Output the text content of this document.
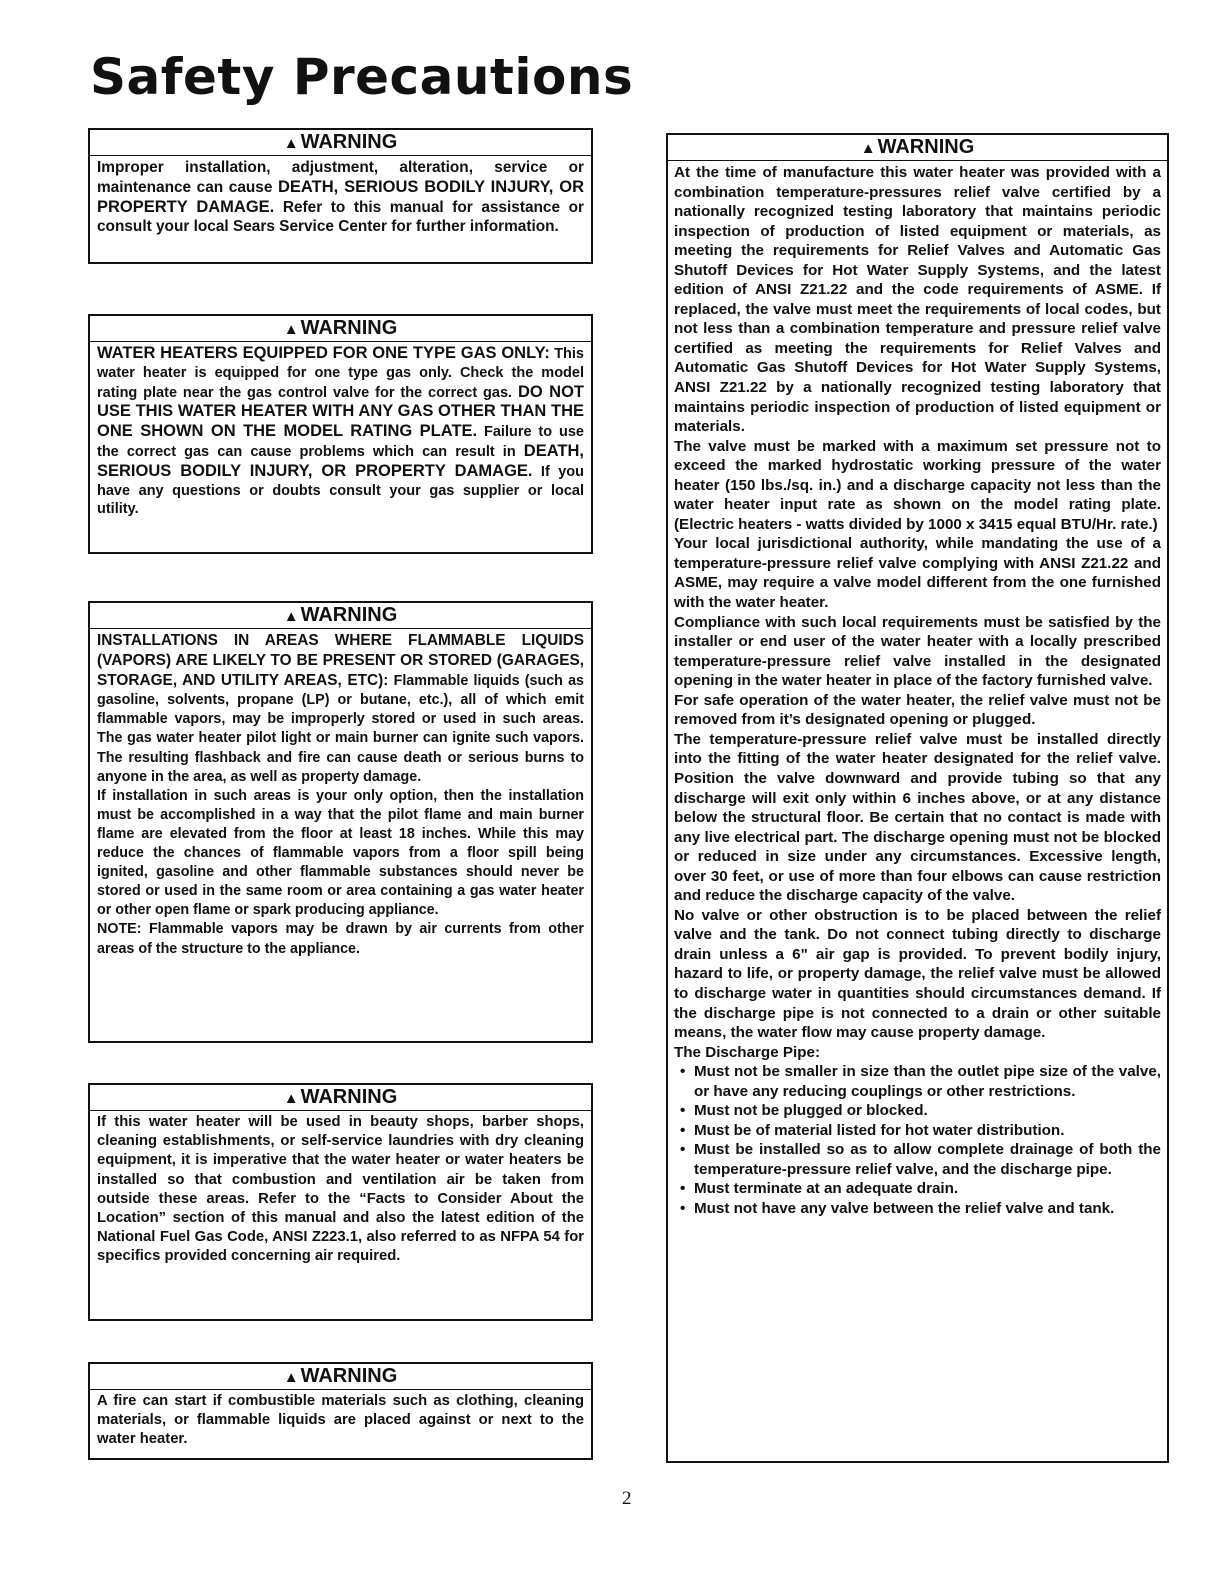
Safety Precautions
▲ WARNING

Improper installation, adjustment, alteration, service or maintenance can cause DEATH, SERIOUS BODILY INJURY, OR PROPERTY DAMAGE. Refer to this manual for assistance or consult your local Sears Service Center for further information.

▲ WARNING

WATER HEATERS EQUIPPED FOR ONE TYPE GAS ONLY: This water heater is equipped for one type gas only. Check the model rating plate near the gas control valve for the correct gas. DO NOT USE THIS WATER HEATER WITH ANY GAS OTHER THAN THE ONE SHOWN ON THE MODEL RATING PLATE. Failure to use the correct gas can cause problems which can result in DEATH, SERIOUS BODILY INJURY, OR PROPERTY DAMAGE. If you have any questions or doubts consult your gas supplier or local utility.

▲ WARNING

INSTALLATIONS IN AREAS WHERE FLAMMABLE LIQUIDS (VAPORS) ARE LIKELY TO BE PRESENT OR STORED (GARAGES, STORAGE, AND UTILITY AREAS, ETC): Flammable liquids (such as gasoline, solvents, propane (LP) or butane, etc.), all of which emit flammable vapors, may be improperly stored or used in such areas. The gas water heater pilot light or main burner can ignite such vapors. The resulting flashback and fire can cause death or serious burns to anyone in the area, as well as property damage.

If installation in such areas is your only option, then the installation must be accomplished in a way that the pilot flame and main burner flame are elevated from the floor at least 18 inches. While this may reduce the chances of flammable vapors from a floor spill being ignited, gasoline and other flammable substances should never be stored or used in the same room or area containing a gas water heater or other open flame or spark producing appliance.

NOTE: Flammable vapors may be drawn by air currents from other areas of the structure to the appliance.

▲ WARNING

If this water heater will be used in beauty shops, barber shops, cleaning establishments, or self-service laundries with dry cleaning equipment, it is imperative that the water heater or water heaters be installed so that combustion and ventilation air be taken from outside these areas. Refer to the “Facts to Consider About the Location” section of this manual and also the latest edition of the National Fuel Gas Code, ANSI Z223.1, also referred to as NFPA 54 for specifics provided concerning air required.

▲ WARNING

A fire can start if combustible materials such as clothing, cleaning materials, or flammable liquids are placed against or next to the water heater.

▲ WARNING

At the time of manufacture this water heater was provided with a combination temperature-pressures relief valve certified by a nationally recognized testing laboratory that maintains periodic inspection of production of listed equipment or materials, as meeting the requirements for Relief Valves and Automatic Gas Shutoff Devices for Hot Water Supply Systems, and the latest edition of ANSI Z21.22 and the code requirements of ASME. If replaced, the valve must meet the requirements of local codes, but not less than a combination temperature and pressure relief valve certified as meeting the requirements for Relief Valves and Automatic Gas Shutoff Devices for Hot Water Supply Systems, ANSI Z21.22 by a nationally recognized testing laboratory that maintains periodic inspection of production of listed equipment or materials.

The valve must be marked with a maximum set pressure not to exceed the marked hydrostatic working pressure of the water heater (150 lbs./sq. in.) and a discharge capacity not less than the water heater input rate as shown on the model rating plate. (Electric heaters - watts divided by 1000 x 3415 equal BTU/Hr. rate.)

Your local jurisdictional authority, while mandating the use of a temperature-pressure relief valve complying with ANSI Z21.22 and ASME, may require a valve model different from the one furnished with the water heater.

Compliance with such local requirements must be satisfied by the installer or end user of the water heater with a locally prescribed temperature-pressure relief valve installed in the designated opening in the water heater in place of the factory furnished valve.

For safe operation of the water heater, the relief valve must not be removed from it’s designated opening or plugged.

The temperature-pressure relief valve must be installed directly into the fitting of the water heater designated for the relief valve. Position the valve downward and provide tubing so that any discharge will exit only within 6 inches above, or at any distance below the structural floor. Be certain that no contact is made with any live electrical part. The discharge opening must not be blocked or reduced in size under any circumstances. Excessive length, over 30 feet, or use of more than four elbows can cause restriction and reduce the discharge capacity of the valve.

No valve or other obstruction is to be placed between the relief valve and the tank. Do not connect tubing directly to discharge drain unless a 6" air gap is provided. To prevent bodily injury, hazard to life, or property damage, the relief valve must be allowed to discharge water in quantities should circumstances demand. If the discharge pipe is not connected to a drain or other suitable means, the water flow may cause property damage.

The Discharge Pipe:

• Must not be smaller in size than the outlet pipe size of the valve, or have any reducing couplings or other restrictions.
• Must not be plugged or blocked.
• Must be of material listed for hot water distribution.
• Must be installed so as to allow complete drainage of both the temperature-pressure relief valve, and the discharge pipe.
• Must terminate at an adequate drain.
• Must not have any valve between the relief valve and tank.
2
